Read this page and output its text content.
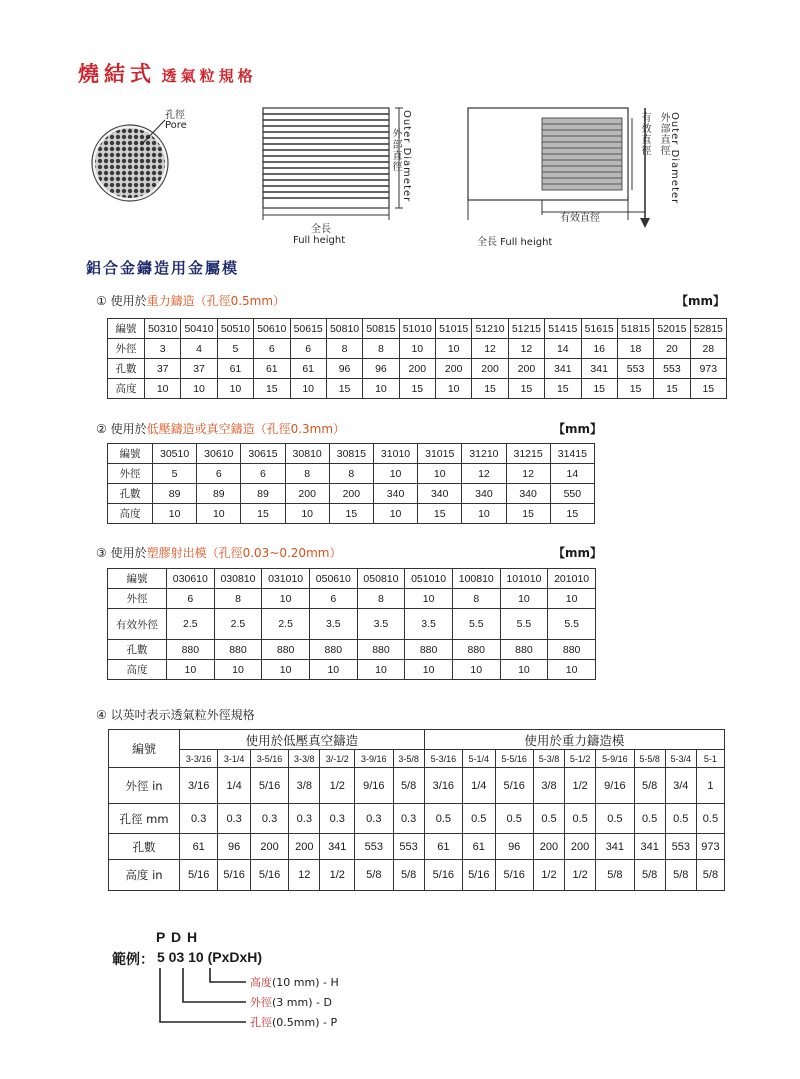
燒結式 透氣粒規格
孔徑
Pore	Outer Diameter
外部直徑
全長
Full height
有效直徑 外部直徑 Outer Diameter
有效直徑
全長 Full height
鋁合金鑄造用金屬模
① 使用於重力鑄造（孔徑0.5mm）	【mm】
編號	50310	50410	50510	50610	50615	50810	50815	51010	51015	51210	51215	51415	51615	51815	52015	52815
外徑	3	4	5	6	6	8	8	10	10	12	12	14	16	18	20	28
孔數	37	37	61	61	61	96	96	200	200	200	200	341	341	553	553	973
高度	10	10	10	15	10	15	10	15	10	15	15	15	15	15	15	15
② 使用於低壓鑄造或真空鑄造（孔徑0.3mm）	【mm】
編號	30510	30610	30615	30810	30815	31010	31015	31210	31215	31415
外徑	5	6	6	8	8	10	10	12	12	14
孔數	89	89	89	200	200	340	340	340	340	550
高度	10	10	15	10	15	10	15	10	15	15
③ 使用於塑膠射出模（孔徑0.03~0.20mm）	【mm】
編號	030610	030810	031010	050610	050810	051010	100810	101010	201010
外徑	6	8	10	6	8	10	8	10	10
有效外徑	2.5	2.5	2.5	3.5	3.5	3.5	5.5	5.5	5.5
孔數	880	880	880	880	880	880	880	880	880
高度	10	10	10	10	10	10	10	10	10
④ 以英吋表示透氣粒外徑規格
編號	使用於低壓真空鑄造							使用於重力鑄造模								
	3-3/16	3-1/4	3-5/16	3-3/8	3/-1/2	3-9/16	3-5/8	5-3/16	5-1/4	5-5/16	5-3/8	5-1/2	5-9/16	5-5/8	5-3/4	5-1
外徑 in	3/16	1/4	5/16	3/8	1/2	9/16	5/8	3/16	1/4	5/16	3/8	1/2	9/16	5/8	3/4	1
孔徑 mm	0.3	0.3	0.3	0.3	0.3	0.3	0.3	0.5	0.5	0.5	0.5	0.5	0.5	0.5	0.5	0.5
孔數	61	96	200	200	341	553	553	61	61	96	200	200	341	341	553	973
高度 in	5/16	5/16	5/16	12	1/2	5/8	5/8	5/16	5/16	5/16	1/2	1/2	5/8	5/8	5/8	5/8
P D H
範例： 5 03 10 (PxDxH)
高度(10 mm) - H
外徑(3 mm) - D
孔徑(0.5mm) - P
